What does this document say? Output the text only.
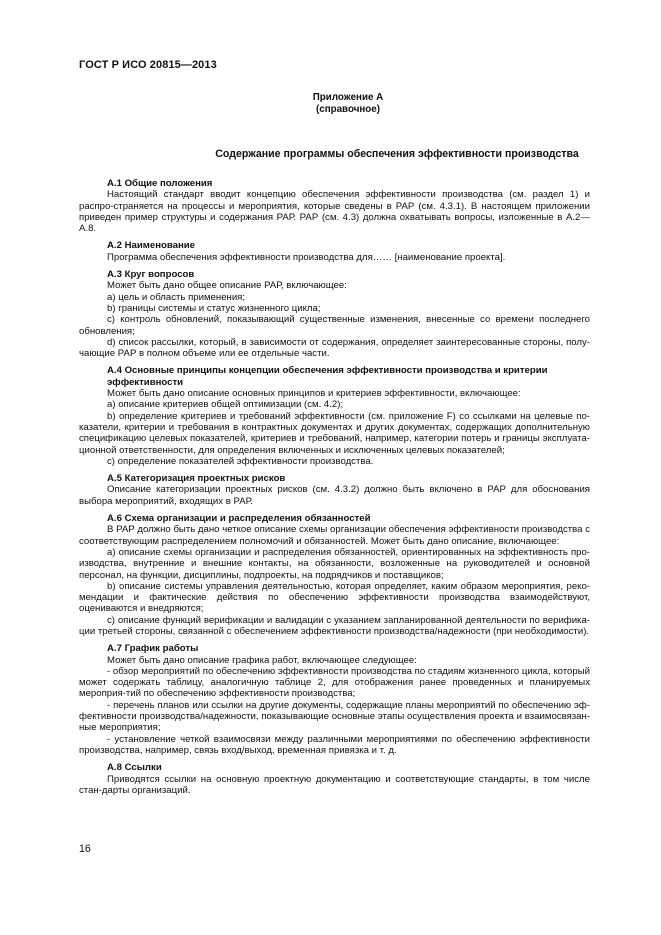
ГОСТ Р ИСО 20815—2013
Приложение А
(справочное)
Содержание программы обеспечения эффективности производства

А.1 Общие положения

Настоящий стандарт вводит концепцию обеспечения эффективности производства (см. раздел 1) и распро-страняется на процессы и мероприятия, которые сведены в РАР (см. 4.3.1). В настоящем приложении приведен пример структуры и содержания РАР. РАР (см. 4.3) должна охватывать вопросы, изложенные в А.2—А.8.

А.2 Наименование

Программа обеспечения эффективности производства для…… [наименование проекта].

А.3 Круг вопросов

Может быть дано общее описание РАР, включающее:

a) цель и область применения;

b) границы системы и статус жизненного цикла;

c) контроль обновлений, показывающий существенные изменения, внесенные со времени последнего обновления;

d) список рассылки, который, в зависимости от содержания, определяет заинтересованные стороны, полу-чающие РАР в полном объеме или ее отдельные части.

А.4 Основные принципы концепции обеспечения эффективности производства и критерии эффективности

Может быть дано описание основных принципов и критериев эффективности, включающее:

a) описание критериев общей оптимизации (см. 4.2);

b) определение критериев и требований эффективности (см. приложение F) со ссылками на целевые по-казатели, критерии и требования в контрактных документах и других документах, содержащих дополнительную спецификацию целевых показателей, критериев и требований, например, категории потерь и границы эксплуата-ционной ответственности, для определения включенных и исключенных целевых показателей;

c) определение показателей эффективности производства.

А.5 Категоризация проектных рисков

Описание категоризации проектных рисков (см. 4.3.2) должно быть включено в РАР для обоснования выбора мероприятий, входящих в РАР.

А.6 Схема организации и распределения обязанностей

В РАР должно быть дано четкое описание схемы организации обеспечения эффективности производства с соответствующим распределением полномочий и обязанностей. Может быть дано описание, включающее:

a) описание схемы организации и распределения обязанностей, ориентированных на эффективность про-изводства, внутренние и внешние контакты, на обязанности, возложенные на руководителей и основной персонал, на функции, дисциплины, подпроекты, на подрядчиков и поставщиков;

b) описание системы управления деятельностью, которая определяет, каким образом мероприятия, реко-мендации и фактические действия по обеспечению эффективности производства взаимодействуют, оцениваются и внедряются;

c) описание функций верификации и валидации с указанием запланированной деятельности по верифика-ции третьей стороны, связанной с обеспечением эффективности производства/надежности (при необходимости).

А.7 График работы

Может быть дано описание графика работ, включающее следующее:

- обзор мероприятий по обеспечению эффективности производства по стадиям жизненного цикла, который может содержать таблицу, аналогичную таблице 2, для отображения ранее проведенных и планируемых мероприя-тий по обеспечению эффективности производства;

- перечень планов или ссылки на другие документы, содержащие планы мероприятий по обеспечению эф-фективности производства/надежности, показывающие основные этапы осуществления проекта и взаимосвязан-ные мероприятия;

- установление четкой взаимосвязи между различными мероприятиями по обеспечению эффективности производства, например, связь вход/выход, временная привязка и т. д.

А.8 Ссылки

Приводятся ссылки на основную проектную документацию и соответствующие стандарты, в том числе стан-дарты организаций.

16
